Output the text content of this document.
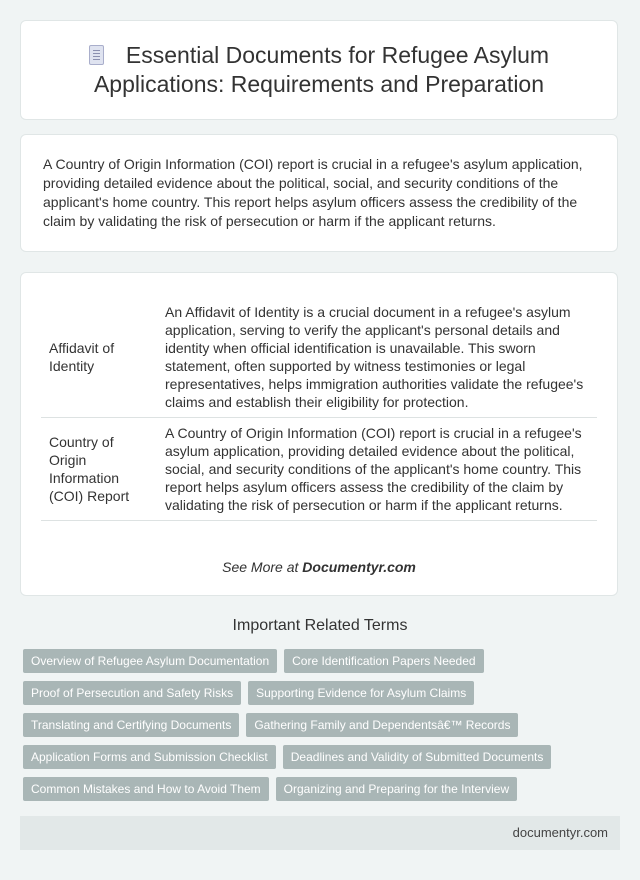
Essential Documents for Refugee Asylum Applications: Requirements and Preparation

A Country of Origin Information (COI) report is crucial in a refugee's asylum application, providing detailed evidence about the political, social, and security conditions of the applicant's home country. This report helps asylum officers assess the credibility of the claim by validating the risk of persecution or harm if the applicant returns.

Affidavit of Identity	An Affidavit of Identity is a crucial document in a refugee's asylum application, serving to verify the applicant's personal details and identity when official identification is unavailable. This sworn statement, often supported by witness testimonies or legal representatives, helps immigration authorities validate the refugee's claims and establish their eligibility for protection.
Country of Origin Information (COI) Report	A Country of Origin Information (COI) report is crucial in a refugee's asylum application, providing detailed evidence about the political, social, and security conditions of the applicant's home country. This report helps asylum officers assess the credibility of the claim by validating the risk of persecution or harm if the applicant returns.
See More at Documentyr.com
Important Related Terms
Overview of Refugee Asylum Documentation Core Identification Papers Needed
Proof of Persecution and Safety Risks Supporting Evidence for Asylum Claims
Translating and Certifying Documents Gathering Family and Dependentsâ€™ Records
Application Forms and Submission Checklist Deadlines and Validity of Submitted Documents
Common Mistakes and How to Avoid Them Organizing and Preparing for the Interview
documentyr.com
